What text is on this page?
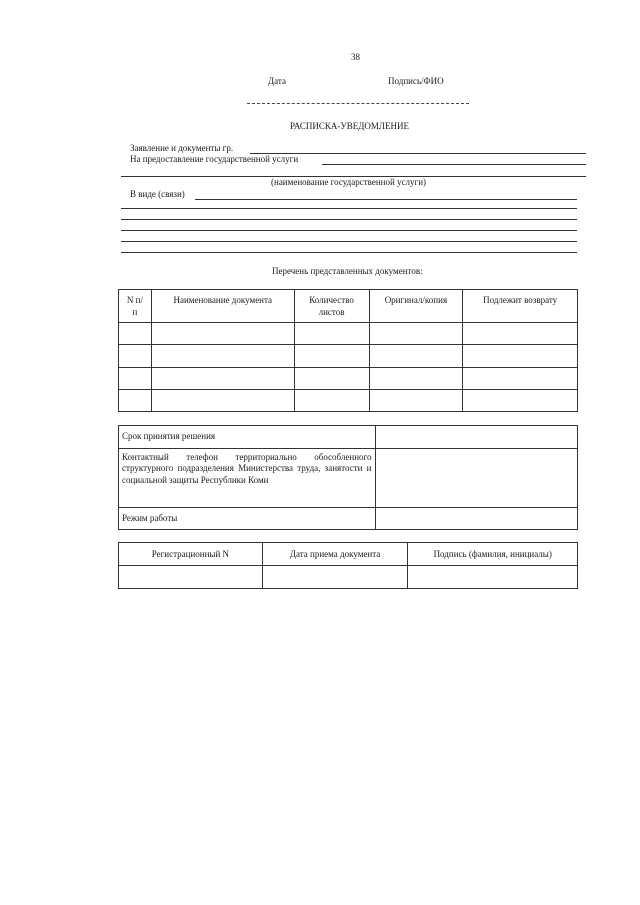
38
Дата	Подпись/ФИО
РАСПИСКА-УВЕДОМЛЕНИЕ
Заявление и документы гр.
На предоставление государственной услуги
(наименование государственной услуги)
В виде (связи)
Перечень представленных документов:
N п/п	Наименование документа	Количество листов	Оригинал/копия	Подлежит возврату

Срок принятия решения	
Контактный телефон территориально обособленного структурного подразделения Министерства труда, занятости и социальной защиты Республики Коми	
Режим работы	
Регистрационный N	Дата приема документа	Подпись (фамилия, инициалы)
